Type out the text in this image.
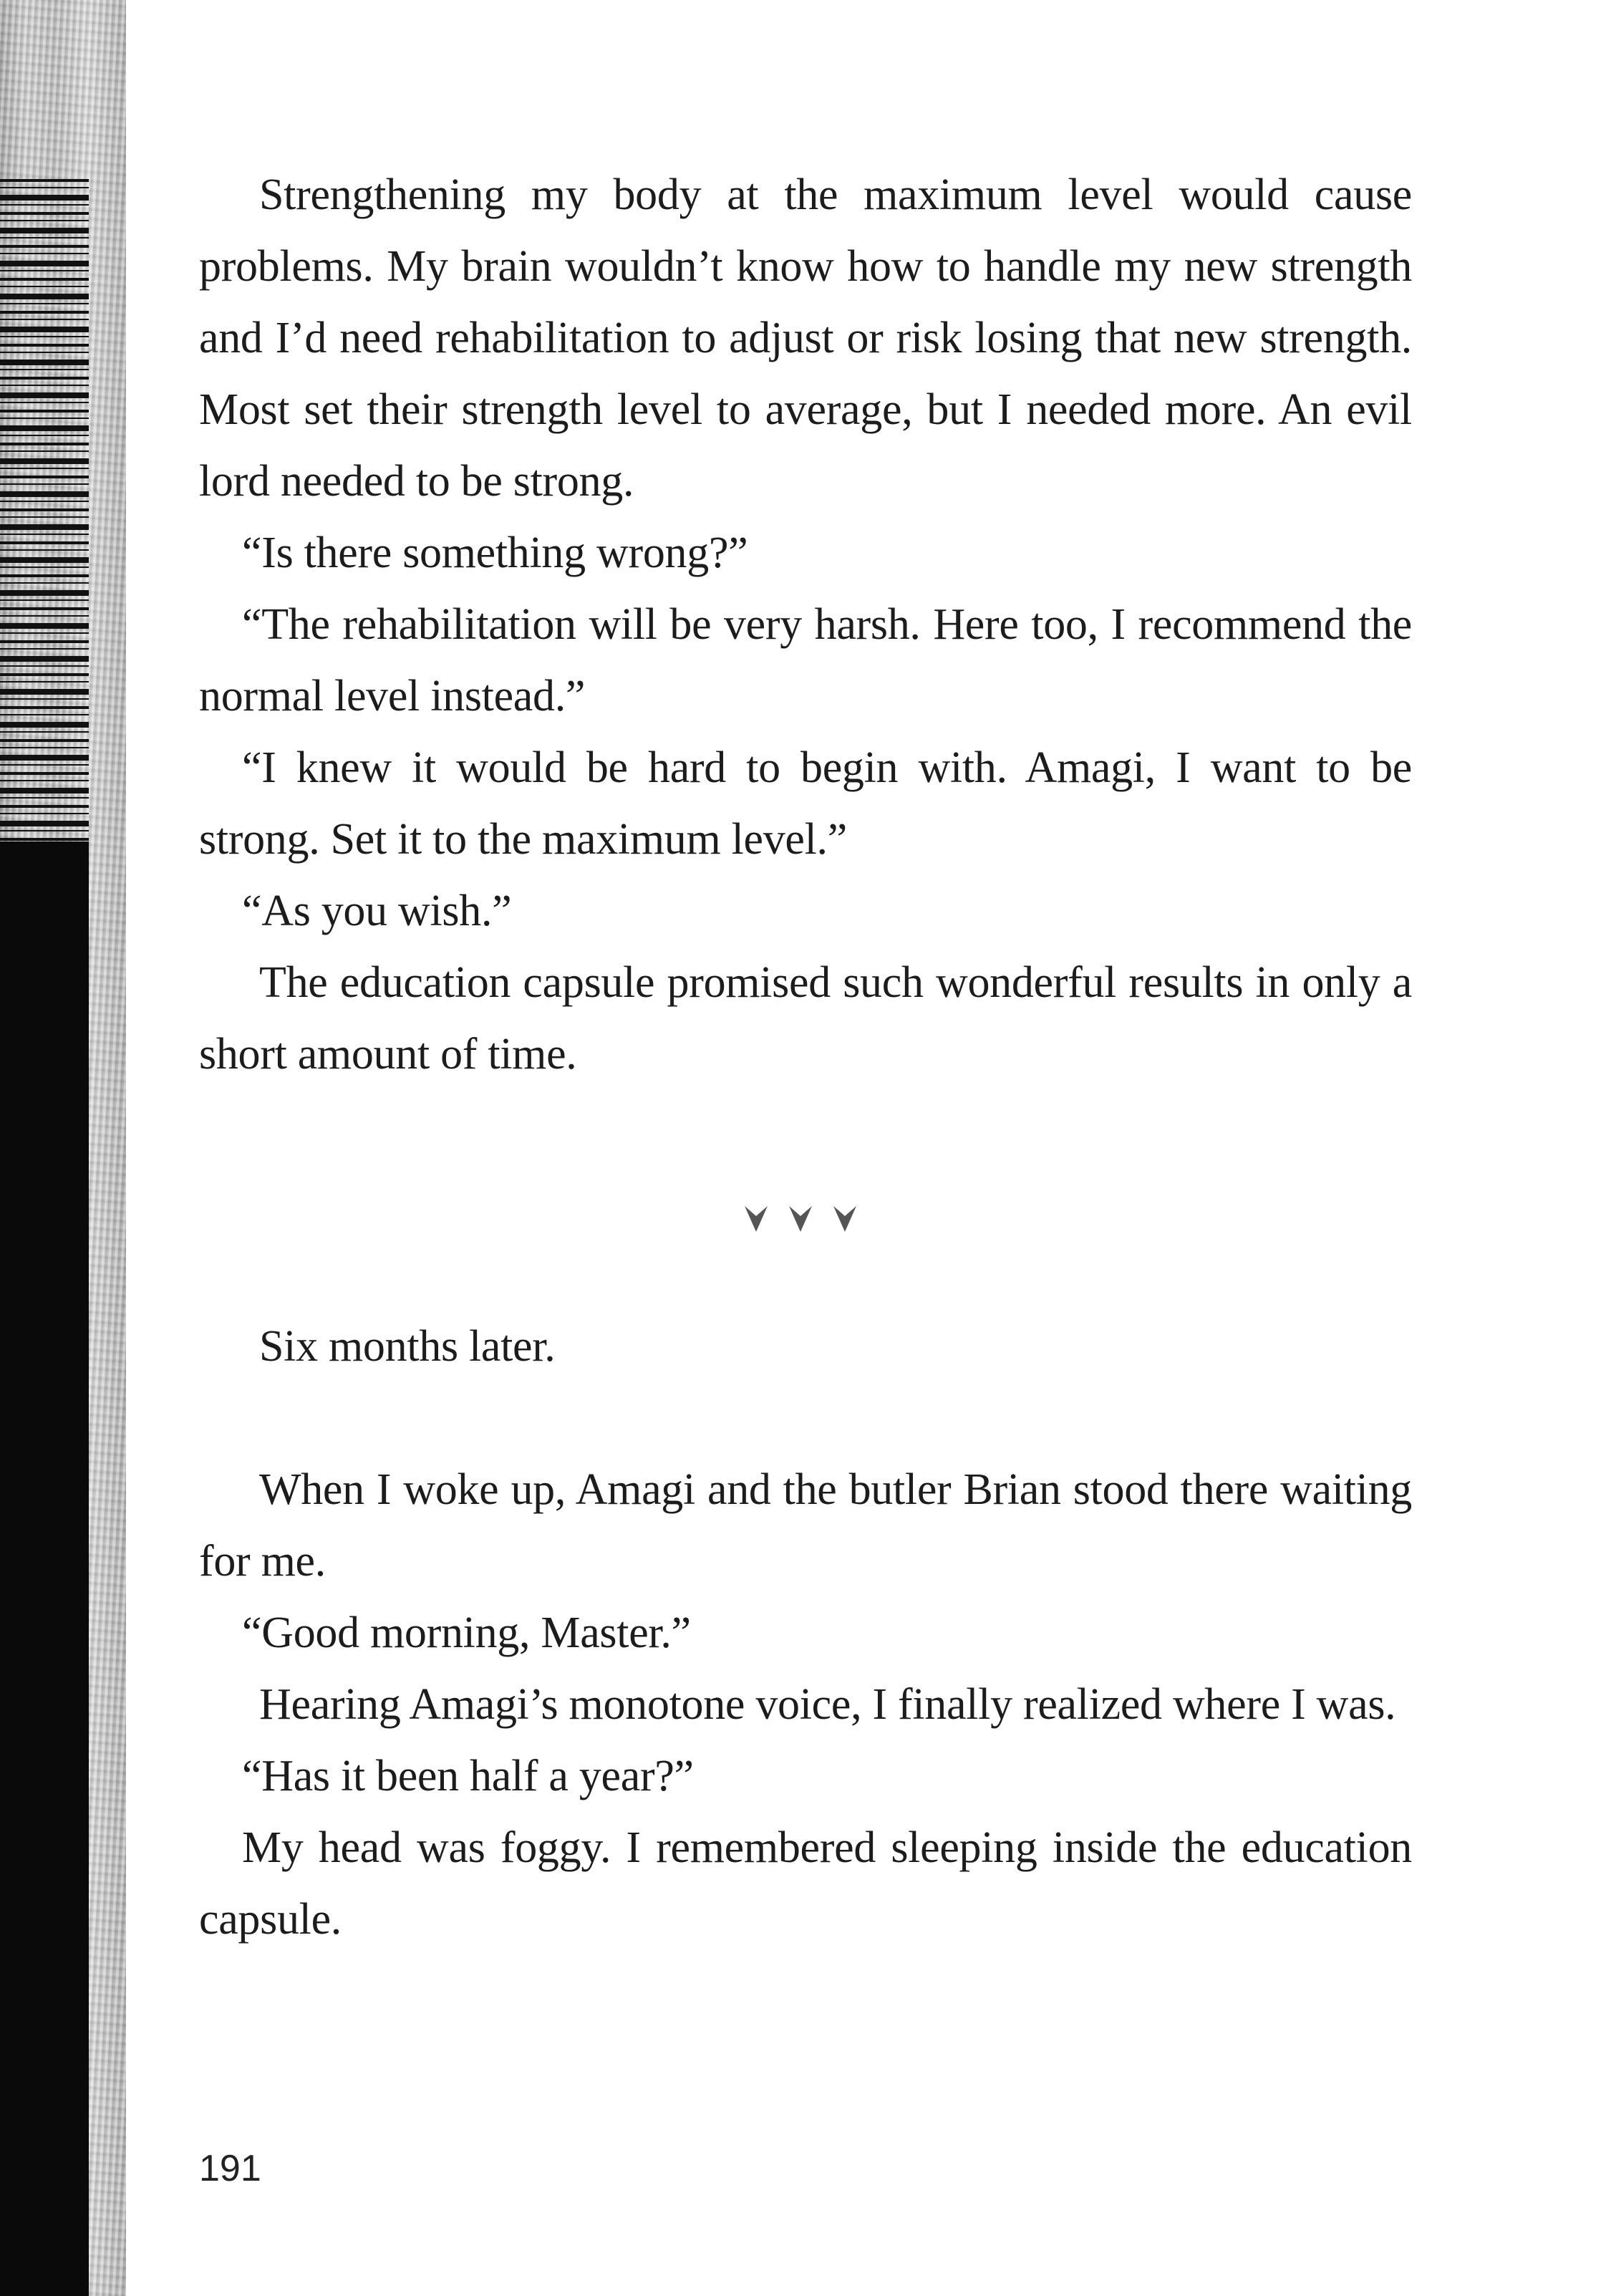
Strengthening my body at the maximum level would cause problems. My brain wouldn’t know how to handle my new strength and I’d need rehabilitation to adjust or risk losing that new strength. Most set their strength level to average, but I needed more. An evil lord needed to be strong.

“Is there something wrong?”

“The rehabilitation will be very harsh. Here too, I recommend the normal level instead.”

“I knew it would be hard to begin with. Amagi, I want to be strong. Set it to the maximum level.”

“As you wish.”

The education capsule promised such wonderful results in only a short amount of time.

Six months later.

When I woke up, Amagi and the butler Brian stood there waiting for me.

“Good morning, Master.”

Hearing Amagi’s monotone voice, I finally realized where I was.

“Has it been half a year?”

My head was foggy. I remembered sleeping inside the education capsule.

191
